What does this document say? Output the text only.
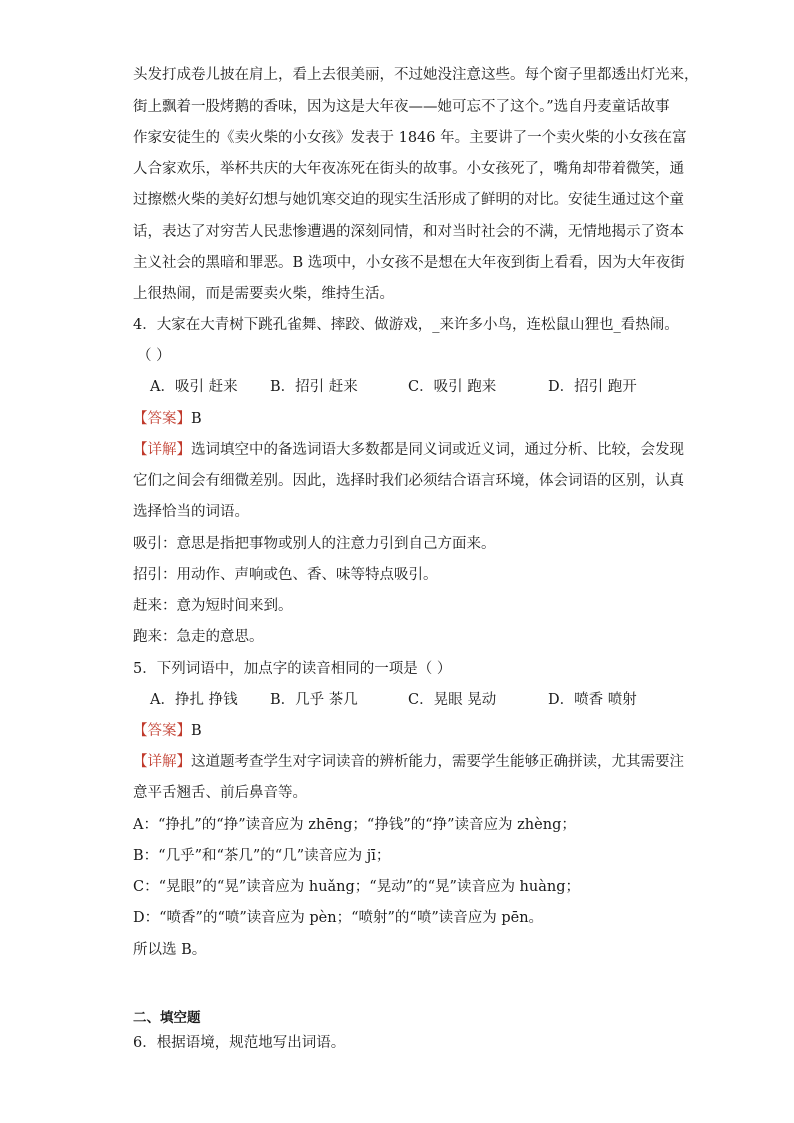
头发打成卷儿披在肩上，看上去很美丽，不过她没注意这些。每个窗子里都透出灯光来，
街上飘着一股烤鹅的香味，因为这是大年夜——她可忘不了这个。”选自丹麦童话故事
作家安徒生的《卖火柴的小女孩》发表于 1846 年。主要讲了一个卖火柴的小女孩在富
人合家欢乐，举杯共庆的大年夜冻死在街头的故事。小女孩死了，嘴角却带着微笑，通
过擦燃火柴的美好幻想与她饥寒交迫的现实生活形成了鲜明的对比。安徒生通过这个童
话，表达了对穷苦人民悲惨遭遇的深刻同情，和对当时社会的不满，无情地揭示了资本
主义社会的黑暗和罪恶。B 选项中，小女孩不是想在大年夜到街上看看，因为大年夜街
上很热闹，而是需要卖火柴，维持生活。
4．大家在大青树下跳孔雀舞、摔跤、做游戏，_来许多小鸟，连松鼠山狸也_看热闹。
（ ）
A．吸引 赶来 B．招引 赶来	C．吸引 跑来	D．招引 跑开
【答案】B
【详解】选词填空中的备选词语大多数都是同义词或近义词，通过分析、比较，会发现
它们之间会有细微差别。因此，选择时我们必须结合语言环境，体会词语的区别，认真
选择恰当的词语。
吸引：意思是指把事物或别人的注意力引到自己方面来。
招引：用动作、声响或色、香、味等特点吸引。
赶来：意为短时间来到。
跑来：急走的意思。
5．下列词语中，加点字的读音相同的一项是（ ）
A．挣扎 挣钱 B．几乎 茶几	C．晃眼 晃动	D．喷香 喷射
【答案】B
【详解】这道题考查学生对字词读音的辨析能力，需要学生能够正确拼读，尤其需要注
意平舌翘舌、前后鼻音等。
A：“挣扎”的“挣”读音应为 zhēng；“挣钱”的“挣”读音应为 zhèng；
B：“几乎”和“茶几”的“几”读音应为 jī；
C：“晃眼”的“晃”读音应为 huǎng；“晃动”的“晃”读音应为 huàng；
D：“喷香”的“喷”读音应为 pèn；“喷射”的“喷”读音应为 pēn。
所以选 B。
二、填空题
6．根据语境，规范地写出词语。
